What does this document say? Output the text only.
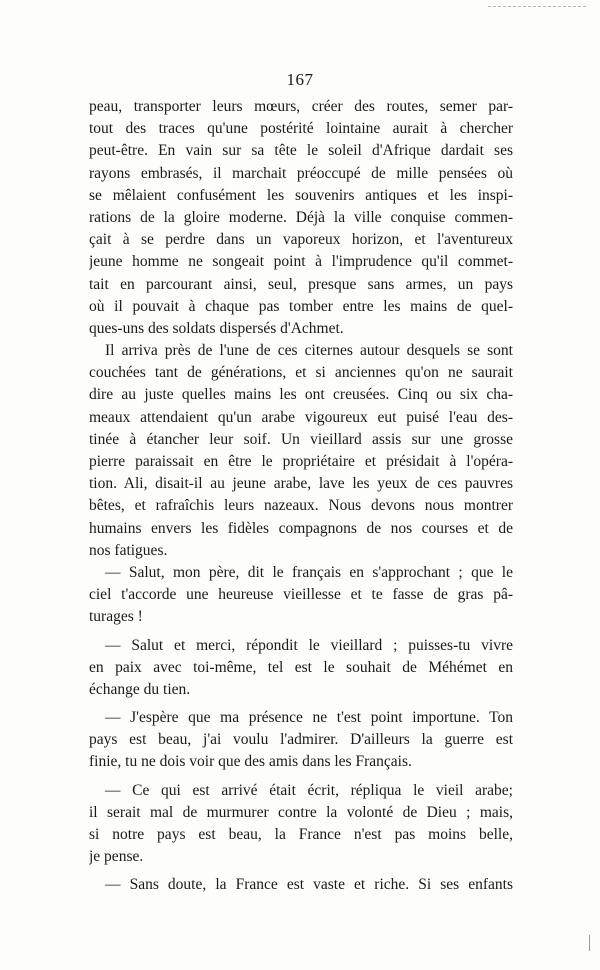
167
peau, transporter leurs mœurs, créer des routes, semer par-
tout des traces qu'une postérité lointaine aurait à chercher
peut-être. En vain sur sa tête le soleil d'Afrique dardait ses
rayons embrasés, il marchait préoccupé de mille pensées où
se mêlaient confusément les souvenirs antiques et les inspi-
rations de la gloire moderne. Déjà la ville conquise commen-
çait à se perdre dans un vaporeux horizon, et l'aventureux
jeune homme ne songeait point à l'imprudence qu'il commet-
tait en parcourant ainsi, seul, presque sans armes, un pays
où il pouvait à chaque pas tomber entre les mains de quel-
ques-uns des soldats dispersés d'Achmet.
Il arriva près de l'une de ces citernes autour desquels se sont
couchées tant de générations, et si anciennes qu'on ne saurait
dire au juste quelles mains les ont creusées. Cinq ou six cha-
meaux attendaient qu'un arabe vigoureux eut puisé l'eau des-
tinée à étancher leur soif. Un vieillard assis sur une grosse
pierre paraissait en être le propriétaire et présidait à l'opéra-
tion. Ali, disait-il au jeune arabe, lave les yeux de ces pauvres
bêtes, et rafraîchis leurs nazeaux. Nous devons nous montrer
humains envers les fidèles compagnons de nos courses et de
nos fatigues.
— Salut, mon père, dit le français en s'approchant ; que le
ciel t'accorde une heureuse vieillesse et te fasse de gras pâ-
turages !
— Salut et merci, répondit le vieillard ; puisses-tu vivre
en paix avec toi-même, tel est le souhait de Méhémet en
échange du tien.
— J'espère que ma présence ne t'est point importune. Ton
pays est beau, j'ai voulu l'admirer. D'ailleurs la guerre est
finie, tu ne dois voir que des amis dans les Français.
— Ce qui est arrivé était écrit, répliqua le vieil arabe;
il serait mal de murmurer contre la volonté de Dieu ; mais,
si notre pays est beau, la France n'est pas moins belle,
je pense.
— Sans doute, la France est vaste et riche. Si ses enfants
